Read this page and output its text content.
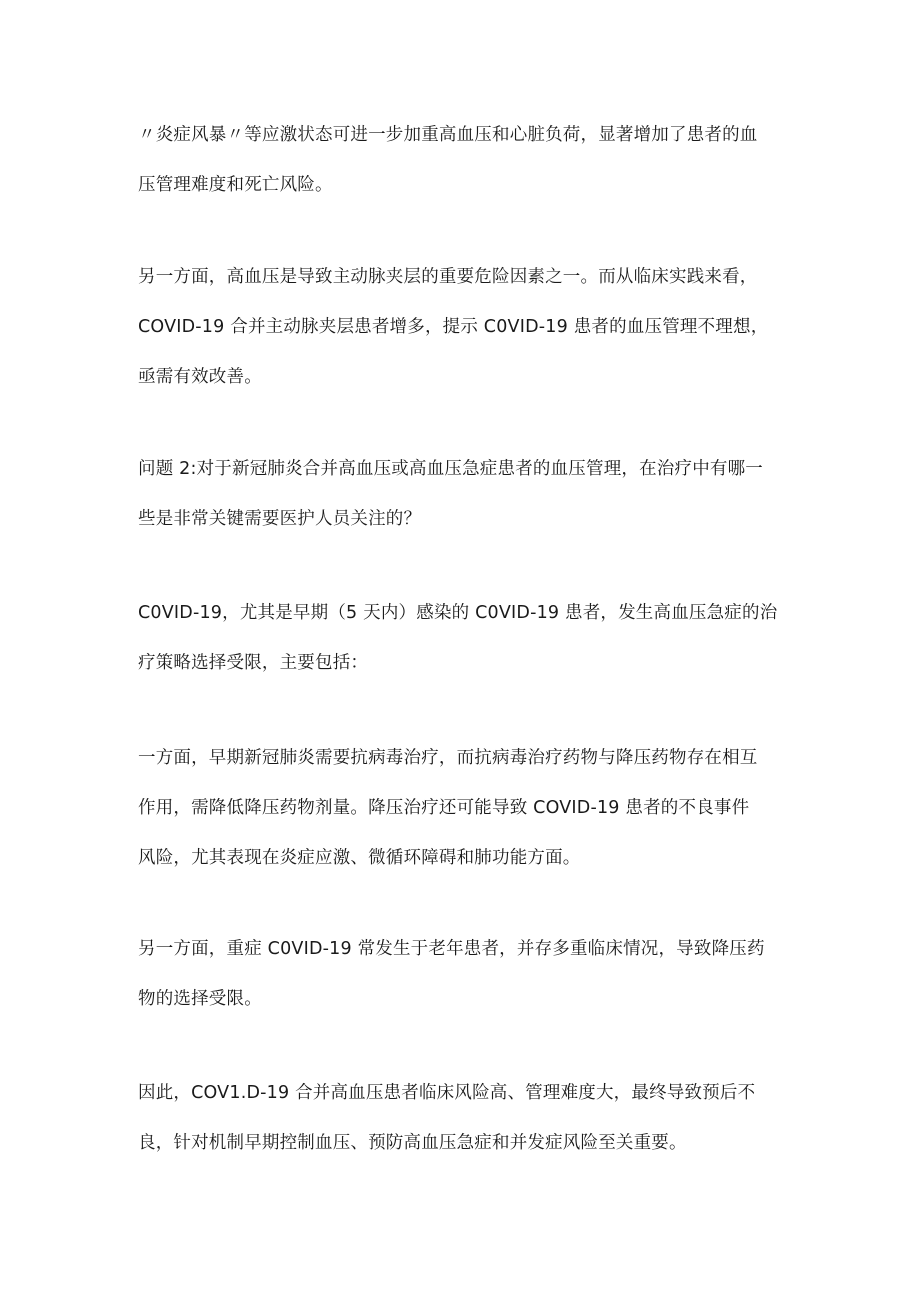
〃炎症风暴〃等应激状态可进一步加重高血压和心脏负荷，显著增加了患者的血
压管理难度和死亡风险。
另一方面，高血压是导致主动脉夹层的重要危险因素之一。而从临床实践来看，
COVID-19 合并主动脉夹层患者增多，提示 C0VID-19 患者的血压管理不理想，
亟需有效改善。
问题 2:对于新冠肺炎合并高血压或高血压急症患者的血压管理，在治疗中有哪一
些是非常关键需要医护人员关注的？
C0VID-19，尤其是早期（5 天内）感染的 C0VID-19 患者，发生高血压急症的治
疗策略选择受限，主要包括：
一方面，早期新冠肺炎需要抗病毒治疗，而抗病毒治疗药物与降压药物存在相互
作用，需降低降压药物剂量。降压治疗还可能导致 COVID-19 患者的不良事件
风险，尤其表现在炎症应激、微循环障碍和肺功能方面。
另一方面，重症 C0VID-19 常发生于老年患者，并存多重临床情况，导致降压药
物的选择受限。
因此，COV1.D-19 合并高血压患者临床风险高、管理难度大，最终导致预后不
良，针对机制早期控制血压、预防高血压急症和并发症风险至关重要。
